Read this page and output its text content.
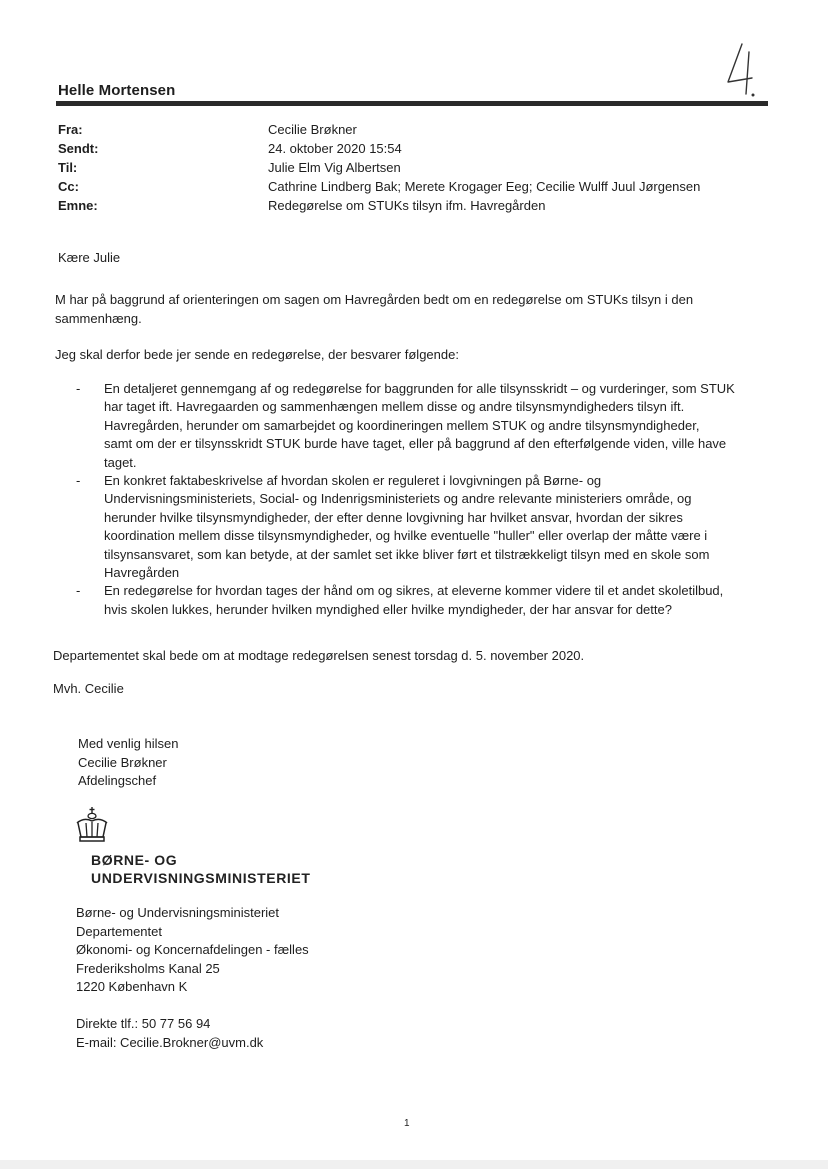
Helle Mortensen
Fra:	Cecilie Brøkner
Sendt:	24. oktober 2020 15:54
Til:	Julie Elm Vig Albertsen
Cc:	Cathrine Lindberg Bak; Merete Krogager Eeg; Cecilie Wulff Juul Jørgensen
Emne:	Redegørelse om STUKs tilsyn ifm. Havregården
Kære Julie
M har på baggrund af orienteringen om sagen om Havregården bedt om en redegørelse om STUKs tilsyn i den
sammenhæng.
Jeg skal derfor bede jer sende en redegørelse, der besvarer følgende:
- En detaljeret gennemgang af og redegørelse for baggrunden for alle tilsynsskridt – og vurderinger, som STUK
har taget ift. Havregaarden og sammenhængen mellem disse og andre tilsynsmyndigheders tilsyn ift.
Havregården, herunder om samarbejdet og koordineringen mellem STUK og andre tilsynsmyndigheder,
samt om der er tilsynsskridt STUK burde have taget, eller på baggrund af den efterfølgende viden, ville have
taget.
- En konkret faktabeskrivelse af hvordan skolen er reguleret i lovgivningen på Børne- og
Undervisningsministeriets, Social- og Indenrigsministeriets og andre relevante ministeriers område, og
herunder hvilke tilsynsmyndigheder, der efter denne lovgivning har hvilket ansvar, hvordan der sikres
koordination mellem disse tilsynsmyndigheder, og hvilke eventuelle "huller" eller overlap der måtte være i
tilsynsansvaret, som kan betyde, at der samlet set ikke bliver ført et tilstrækkeligt tilsyn med en skole som
Havregården
- En redegørelse for hvordan tages der hånd om og sikres, at eleverne kommer videre til et andet skoletilbud,
hvis skolen lukkes, herunder hvilken myndighed eller hvilke myndigheder, der har ansvar for dette?
Departementet skal bede om at modtage redegørelsen senest torsdag d. 5. november 2020.
Mvh. Cecilie
Med venlig hilsen
Cecilie Brøkner
Afdelingschef
BØRNE- OG
UNDERVISNINGSMINISTERIET
Børne- og Undervisningsministeriet
Departementet
Økonomi- og Koncernafdelingen - fælles
Frederiksholms Kanal 25
1220 København K
Direkte tlf.: 50 77 56 94
E-mail: Cecilie.Brokner@uvm.dk
1
